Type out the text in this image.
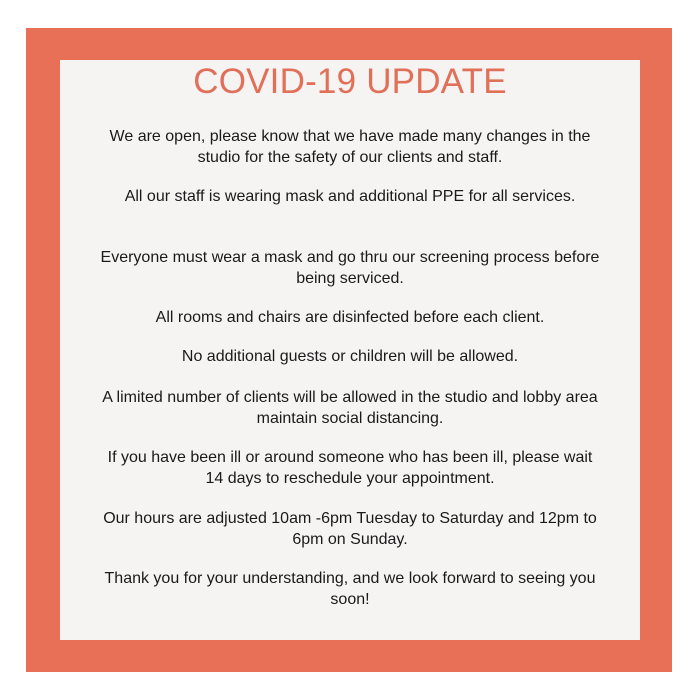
COVID-19 UPDATE
We are open, please know that we have made many changes in the studio for the safety of our clients and staff.
All our staff is wearing mask and additional PPE for all services.
Everyone must wear a mask and go thru our screening process before being serviced.
All rooms and chairs are disinfected before each client.
No additional guests or children will be allowed.
A limited number of clients will be allowed in the studio and lobby area maintain social distancing.
If you have been ill or around someone who has been ill, please wait 14 days to reschedule your appointment.
Our hours are adjusted 10am -6pm Tuesday to Saturday and 12pm to 6pm on Sunday.
Thank you for your understanding, and we look forward to seeing you soon!
